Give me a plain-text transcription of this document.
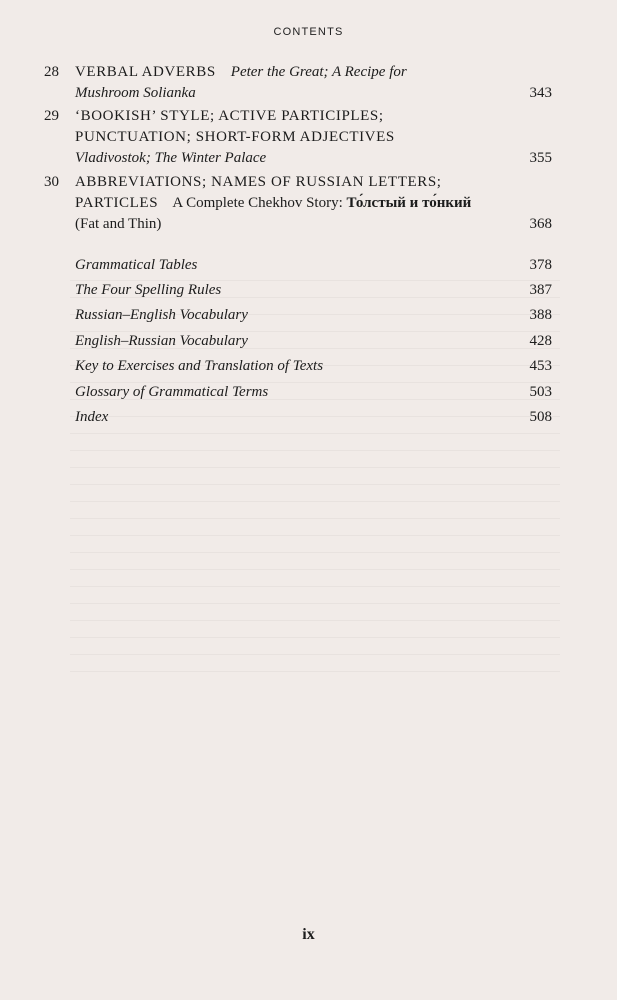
CONTENTS
28 VERBAL ADVERBS Peter the Great; A Recipe for
Mushroom Solianka	343
29 ‘BOOKISH’ STYLE; ACTIVE PARTICIPLES;
PUNCTUATION; SHORT-FORM ADJECTIVES
Vladivostok; The Winter Palace	355
30 ABBREVIATIONS; NAMES OF RUSSIAN LETTERS;
PARTICLES A Complete Chekhov Story: То́лстый и то́нкий
(Fat and Thin)	368
Grammatical Tables	378
The Four Spelling Rules	387
Russian–English Vocabulary	388
English–Russian Vocabulary	428
Key to Exercises and Translation of Texts	453
Glossary of Grammatical Terms	503
Index	508
ix
